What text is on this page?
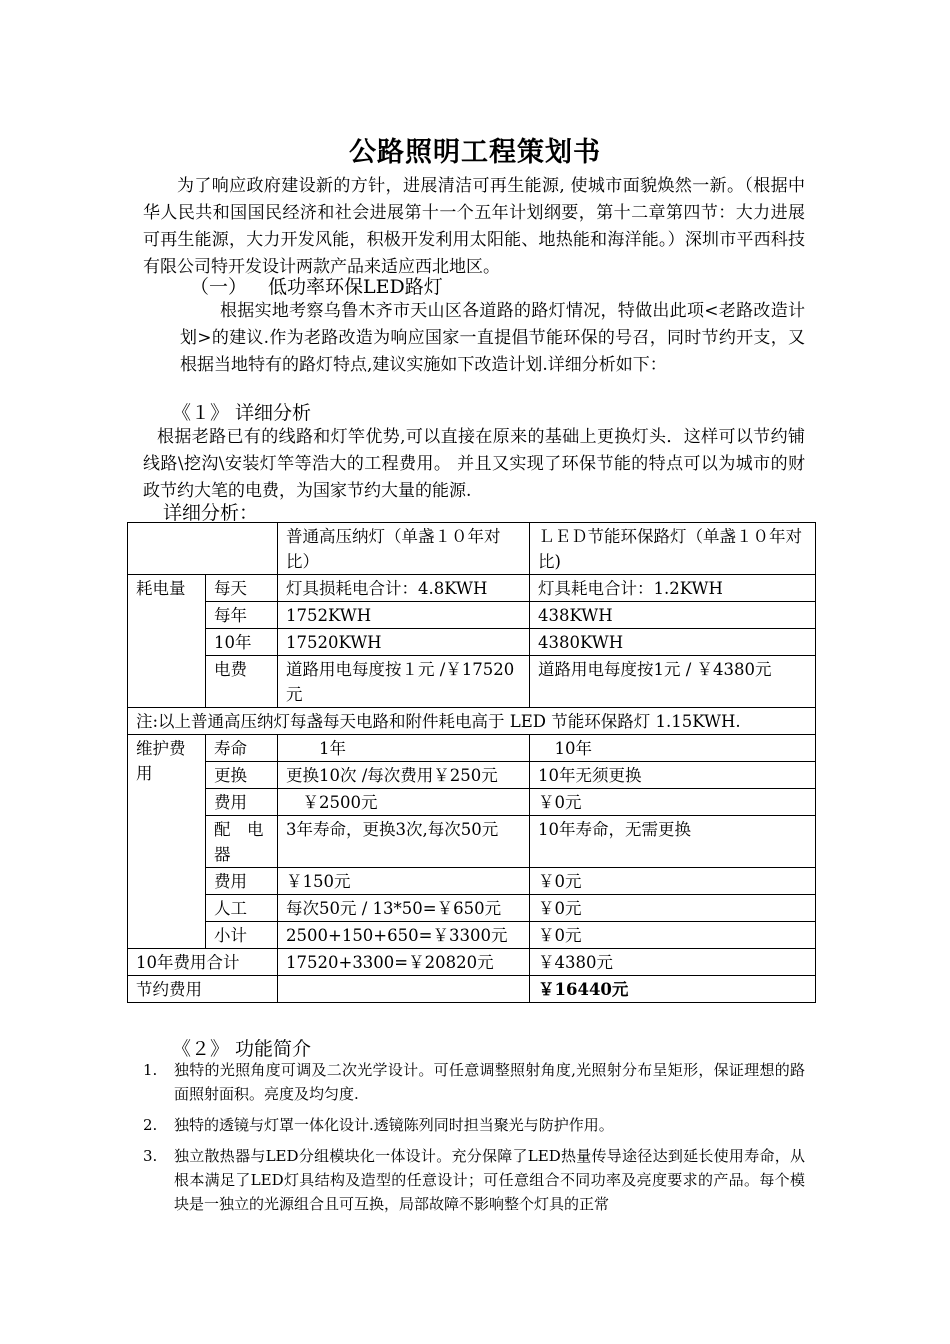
公路照明工程策划书
为了响应政府建设新的方针，进展清洁可再生能源, 使城市面貌焕然一新。（根据中华人民共和国国民经济和社会进展第十一个五年计划纲要，第十二章第四节：大力进展可再生能源，大力开发风能，积极开发利用太阳能、地热能和海洋能。）深圳市平西科技有限公司特开发设计两款产品来适应西北地区。
（一） 低功率环保LED路灯
根据实地考察乌鲁木齐市天山区各道路的路灯情况，特做出此项<老路改造计划>的建议.作为老路改造为响应国家一直提倡节能环保的号召，同时节约开支，又根据当地特有的路灯特点,建议实施如下改造计划.详细分析如下：
《１》 详细分析
根据老路已有的线路和灯竿优势,可以直接在原来的基础上更换灯头．这样可以节约铺线路\挖沟\安装灯竿等浩大的工程费用。 并且又实现了环保节能的特点可以为城市的财政节约大笔的电费，为国家节约大量的能源.
详细分析：
		普通高压纳灯（单盏１０年对比）	ＬＥＤ节能环保路灯（单盏１０年对比)
耗电量	每天	灯具损耗电合计：4.8KWH	灯具耗电合计：1.2KWH
	每年	1752KWH	438KWH
	10年	17520KWH	4380KWH
	电费	道路用电每度按１元 /￥17520元	道路用电每度按1元 / ￥4380元
注:以上普通高压纳灯每盏每天电路和附件耗电高于 LED 节能环保路灯 1.15KWH.			
维护费用	寿命	　　1年	　10年
	更换	更换10次 /每次费用￥250元	10年无须更换
	费用	　￥2500元	￥0元
	配　电器	3年寿命，更换3次,每次50元	10年寿命，无需更换
	费用	￥150元	￥0元
	人工	每次50元 / 13*50=￥650元	￥0元
	小计	2500+150+650=￥3300元	￥0元
10年费用合计		17520+3300=￥20820元	￥4380元
节约费用			￥16440元
《２》 功能简介
1. 独特的光照角度可调及二次光学设计。可任意调整照射角度,光照射分布呈矩形，保证理想的路面照射面积。亮度及均匀度.
2. 独特的透镜与灯罩一体化设计.透镜陈列同时担当聚光与防护作用。
3. 独立散热器与LED分组模块化一体设计。充分保障了LED热量传导途径达到延长使用寿命，从根本满足了LED灯具结构及造型的任意设计；可任意组合不同功率及亮度要求的产品。每个模块是一独立的光源组合且可互换，局部故障不影响整个灯具的正常
